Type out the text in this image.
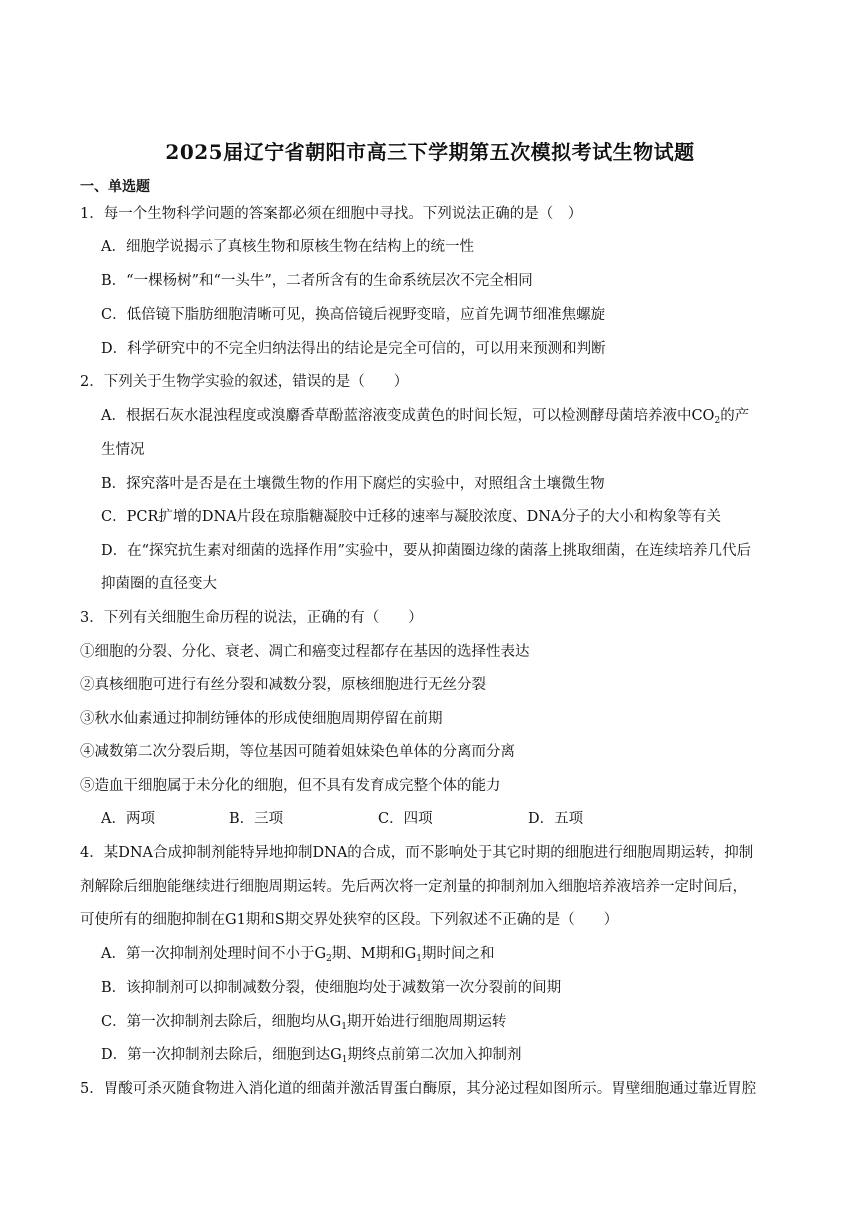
2025届辽宁省朝阳市高三下学期第五次模拟考试生物试题
一、单选题
1．每一个生物科学问题的答案都必须在细胞中寻找。下列说法正确的是（　）
A．细胞学说揭示了真核生物和原核生物在结构上的统一性
B．“一棵杨树”和“一头牛”，二者所含有的生命系统层次不完全相同
C．低倍镜下脂肪细胞清晰可见，换高倍镜后视野变暗，应首先调节细准焦螺旋
D．科学研究中的不完全归纳法得出的结论是完全可信的，可以用来预测和判断
2．下列关于生物学实验的叙述，错误的是（　　）
A．根据石灰水混浊程度或溴麝香草酚蓝溶液变成黄色的时间长短，可以检测酵母菌培养液中$CO_2$的产
生情况
B．探究落叶是否是在土壤微生物的作用下腐烂的实验中，对照组含土壤微生物
C．PCR扩增的DNA片段在琼脂糖凝胶中迁移的速率与凝胶浓度、DNA分子的大小和构象等有关
D．在“探究抗生素对细菌的选择作用”实验中，要从抑菌圈边缘的菌落上挑取细菌，在连续培养几代后
抑菌圈的直径变大
3．下列有关细胞生命历程的说法，正确的有（　　）
①细胞的分裂、分化、衰老、凋亡和癌变过程都存在基因的选择性表达
②真核细胞可进行有丝分裂和减数分裂，原核细胞进行无丝分裂
③秋水仙素通过抑制纺锤体的形成使细胞周期停留在前期
④减数第二次分裂后期，等位基因可随着姐妹染色单体的分离而分离
⑤造血干细胞属于未分化的细胞，但不具有发育成完整个体的能力
A．两项	B．三项	C．四项	D．五项
4．某DNA合成抑制剂能特异地抑制DNA的合成，而不影响处于其它时期的细胞进行细胞周期运转，抑制
剂解除后细胞能继续进行细胞周期运转。先后两次将一定剂量的抑制剂加入细胞培养液培养一定时间后，
可使所有的细胞抑制在G1期和S期交界处狭窄的区段。下列叙述不正确的是（　　）
A．第一次抑制剂处理时间不小于$G_2$期、M期和$G_1$期时间之和
B．该抑制剂可以抑制减数分裂，使细胞均处于减数第一次分裂前的间期
C．第一次抑制剂去除后，细胞均从$G_1$期开始进行细胞周期运转
D．第一次抑制剂去除后，细胞到达$G_1$期终点前第二次加入抑制剂
5．胃酸可杀灭随食物进入消化道的细菌并激活胃蛋白酶原，其分泌过程如图所示。胃壁细胞通过靠近胃腔
